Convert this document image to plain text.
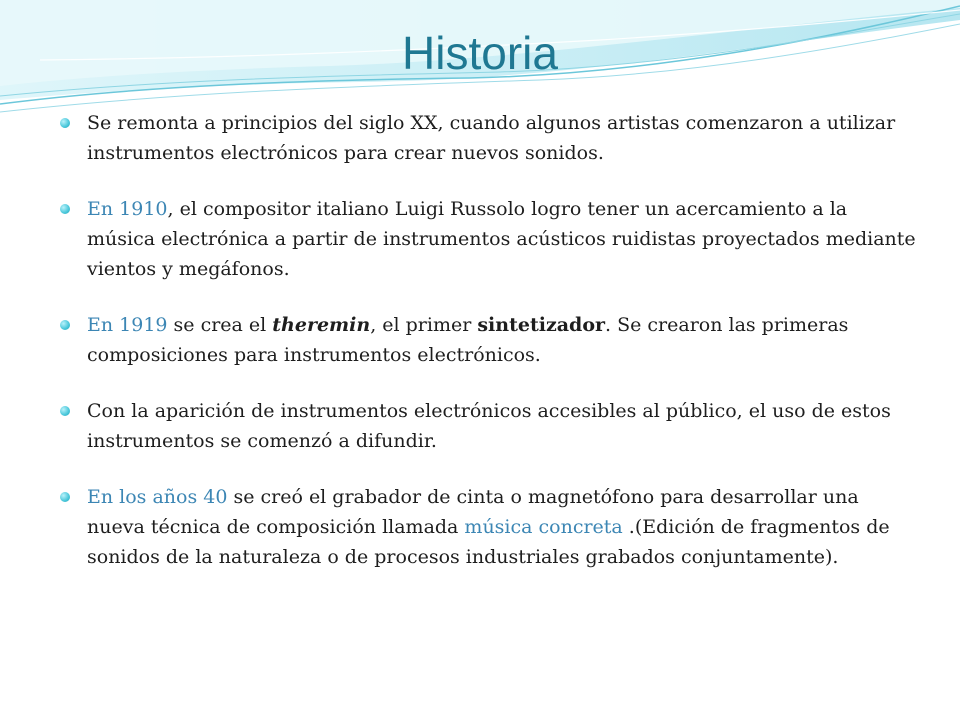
Historia
Se remonta a principios del siglo XX, cuando algunos artistas comenzaron a utilizar instrumentos electrónicos para crear nuevos sonidos.
En 1910, el compositor italiano Luigi Russolo logro tener un acercamiento a la música electrónica a partir de instrumentos acústicos ruidistas proyectados mediante vientos y megáfonos.
En 1919 se crea el theremin, el primer sintetizador. Se crearon las primeras composiciones para instrumentos electrónicos.
Con la aparición de instrumentos electrónicos accesibles al público, el uso de estos instrumentos se comenzó a difundir.
En los años 40 se creó el grabador de cinta o magnetófono para desarrollar una nueva técnica de composición llamada música concreta .(Edición de fragmentos de sonidos de la naturaleza o de procesos industriales grabados conjuntamente).
